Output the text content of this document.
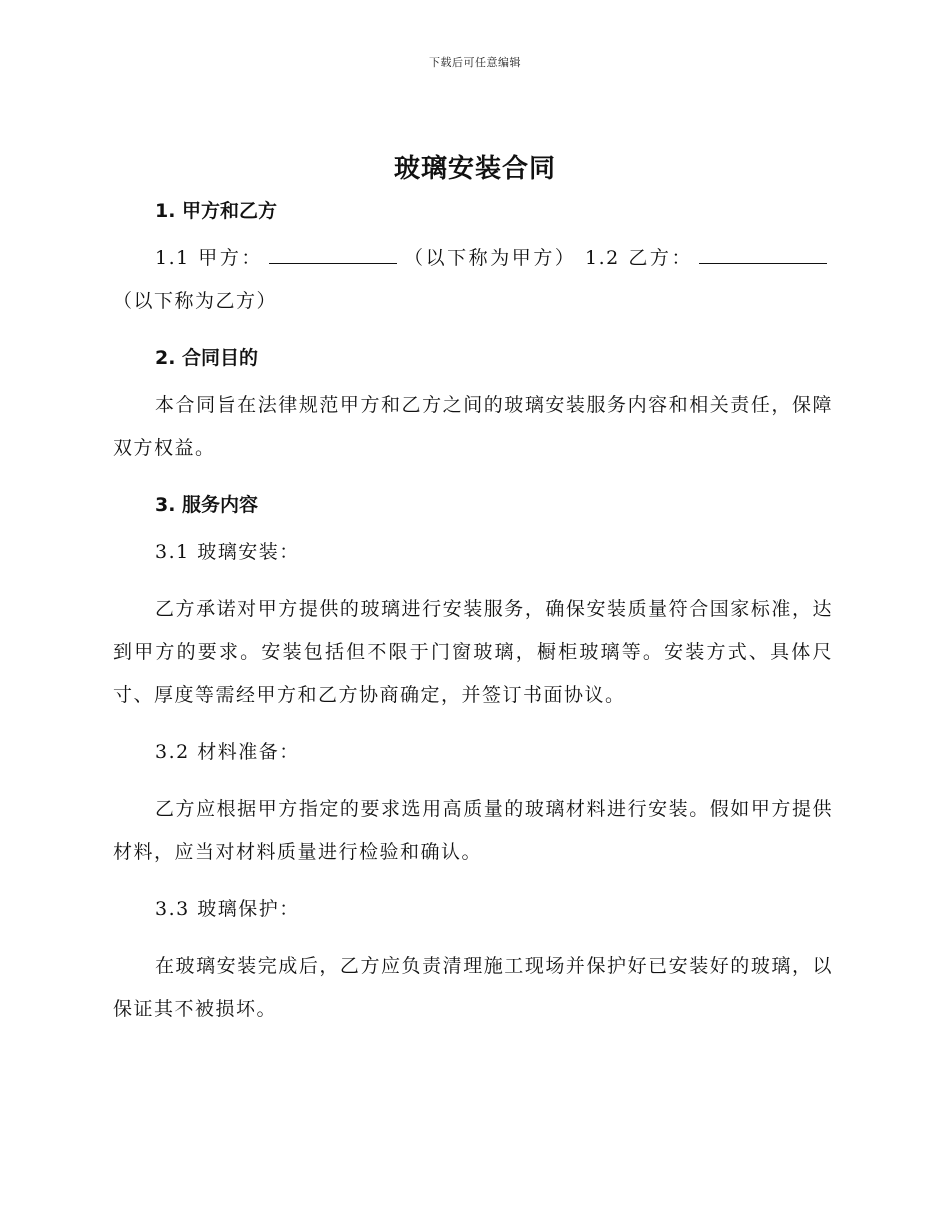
下载后可任意编辑
玻璃安装合同

1. 甲方和乙方

1.1 甲方：	（以下称为甲方） 1.2 乙方：（以下称为乙方）

2. 合同目的

本合同旨在法律规范甲方和乙方之间的玻璃安装服务内容和相关责任，保障双方权益。

3. 服务内容

3.1 玻璃安装：

乙方承诺对甲方提供的玻璃进行安装服务，确保安装质量符合国家标准，达到甲方的要求。安装包括但不限于门窗玻璃，橱柜玻璃等。安装方式、具体尺寸、厚度等需经甲方和乙方协商确定，并签订书面协议。

3.2 材料准备：

乙方应根据甲方指定的要求选用高质量的玻璃材料进行安装。假如甲方提供材料，应当对材料质量进行检验和确认。

3.3 玻璃保护：

在玻璃安装完成后，乙方应负责清理施工现场并保护好已安装好的玻璃，以保证其不被损坏。
